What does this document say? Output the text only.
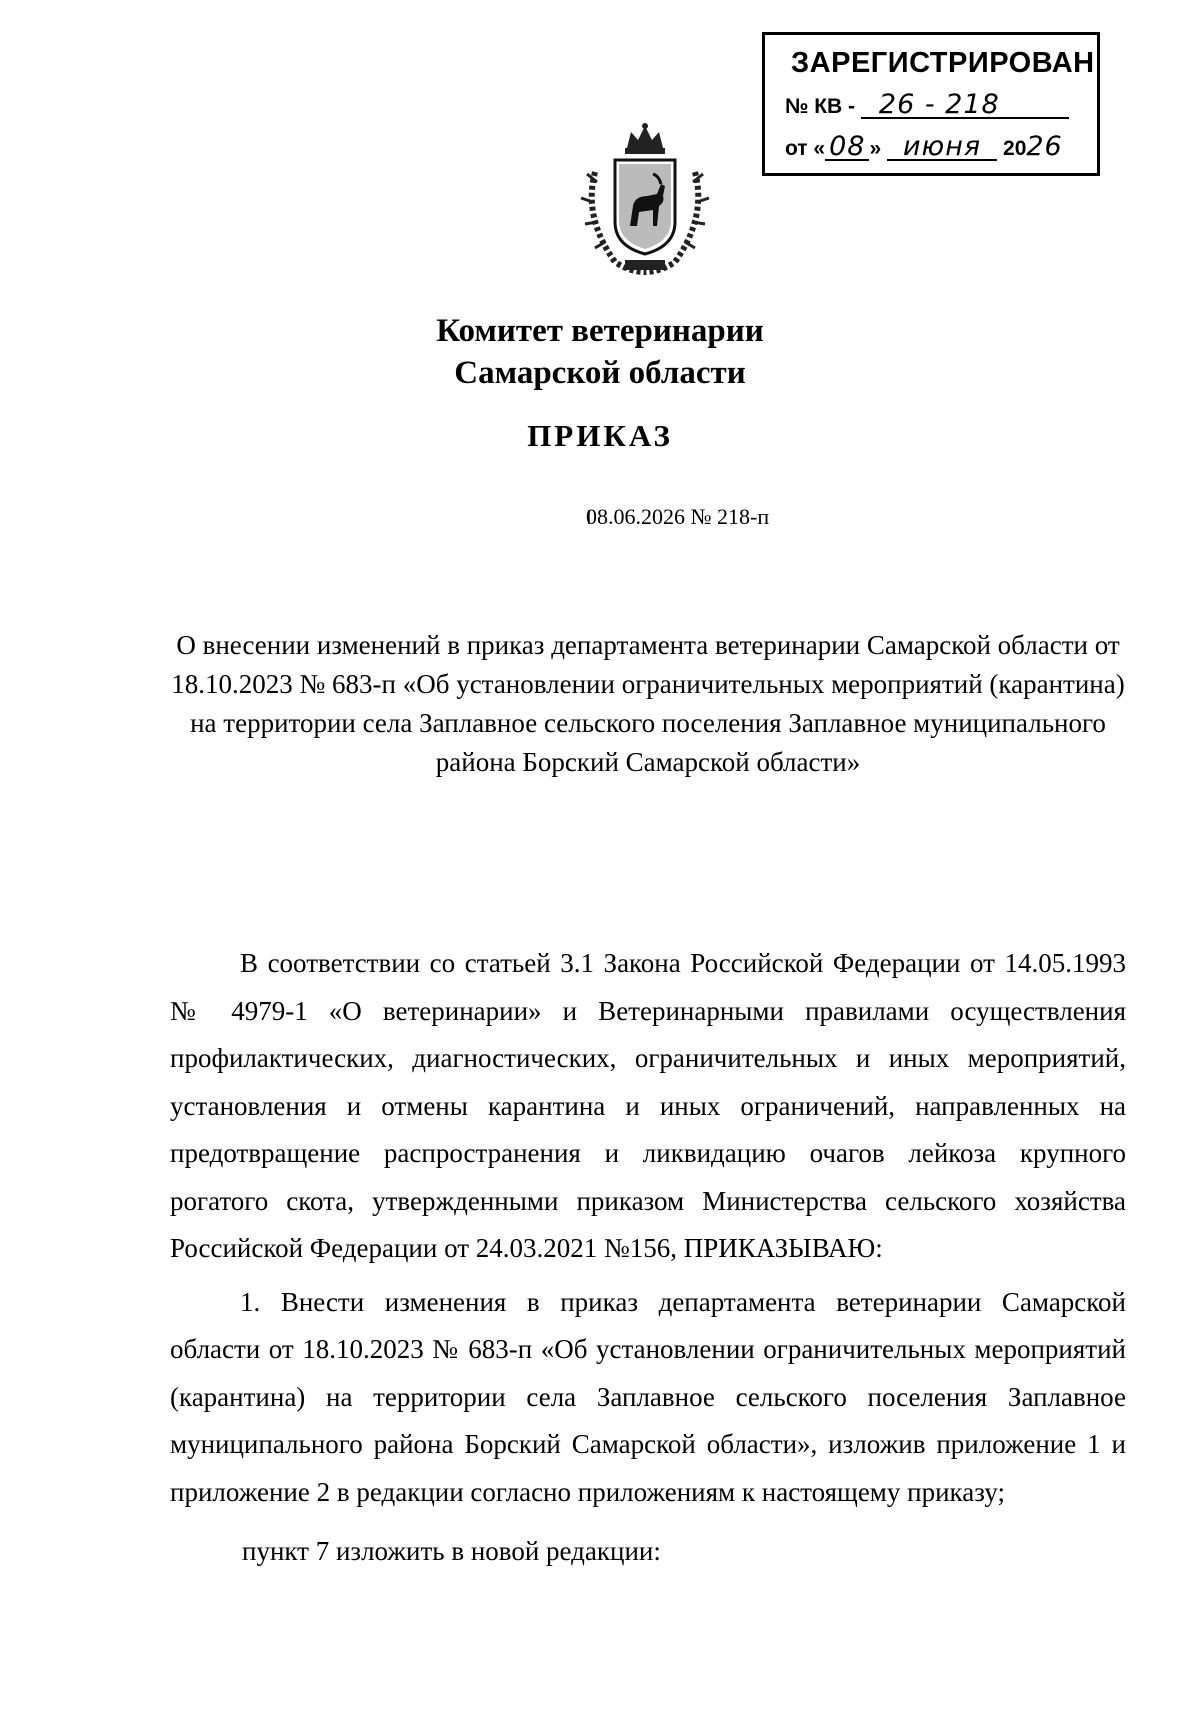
ЗАРЕГИСТРИРОВАН
№ КВ - 26 - 218
от « 08 » июня 2026
Комитет ветеринарии
Самарской области
ПРИКАЗ
08.06.2026 № 218-п
О внесении изменений в приказ департамента ветеринарии Самарской области от 18.10.2023 № 683-п «Об установлении ограничительных мероприятий (карантина) на территории села Заплавное сельского поселения Заплавное муниципального района Борский Самарской области»

В соответствии со статьей 3.1 Закона Российской Федерации от 14.05.1993 № 4979-1 «О ветеринарии» и Ветеринарными правилами осуществления профилактических, диагностических, ограничительных и иных мероприятий, установления и отмены карантина и иных ограничений, направленных на предотвращение распространения и ликвидацию очагов лейкоза крупного рогатого скота, утвержденными приказом Министерства сельского хозяйства Российской Федерации от 24.03.2021 №156, ПРИКАЗЫВАЮ:

1. Внести изменения в приказ департамента ветеринарии Самарской области от 18.10.2023 № 683-п «Об установлении ограничительных мероприятий (карантина) на территории села Заплавное сельского поселения Заплавное муниципального района Борский Самарской области», изложив приложение 1 и приложение 2 в редакции согласно приложениям к настоящему приказу;

пункт 7 изложить в новой редакции:
